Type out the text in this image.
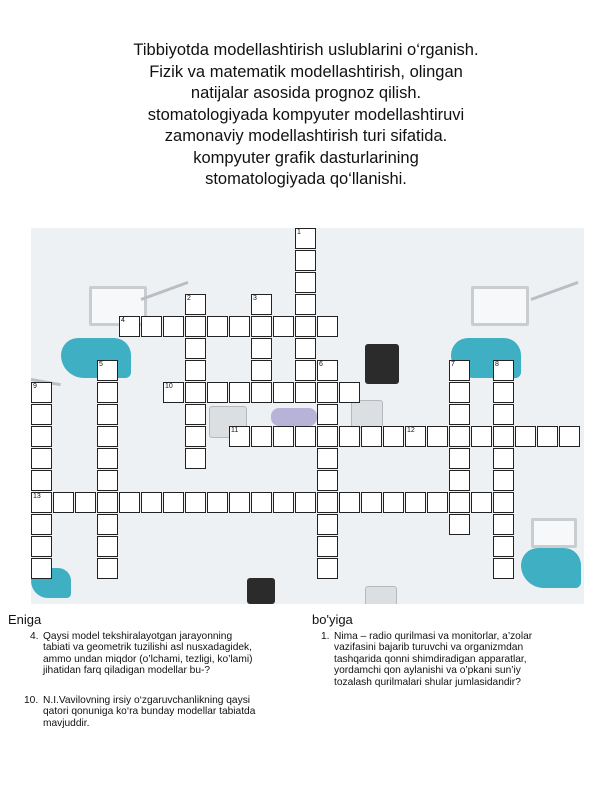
Tibbiyotda modellashtirish uslublarini o‘rganish.
Fizik va matematik modellashtirish, olingan
natijalar asosida prognoz qilish.
stomatologiyada kompyuter modellashtiruvi
zamonaviy modellashtirish turi sifatida.
kompyuter grafik dasturlarining
stomatologiyada qo‘llanishi.
1
2	3
4
5	6	7	8
9	10
11	12
13
Eniga	bo'yiga
4. Qaysi model tekshiralayotgan jarayonning
tabiati va geometrik tuzilishi asl nusxadagidek,
ammo undan miqdor (o’lchami, tezligi, ko’lami)
jihatidan farq qiladigan modellar bu-?
10. N.I.Vavilovning irsiy o‘zgaruvchanlikning qaysi
qatori qonuniga ko‘ra bunday modellar tabiatda
mavjuddir.
1. Nima – radio qurilmasi va monitorlar, a’zolar
vazifasini bajarib turuvchi va organizmdan
tashqarida qonni shimdiradigan apparatlar,
yordamchi qon aylanishi va o’pkani sun’iy
tozalash qurilmalari shular jumlasidandir?
